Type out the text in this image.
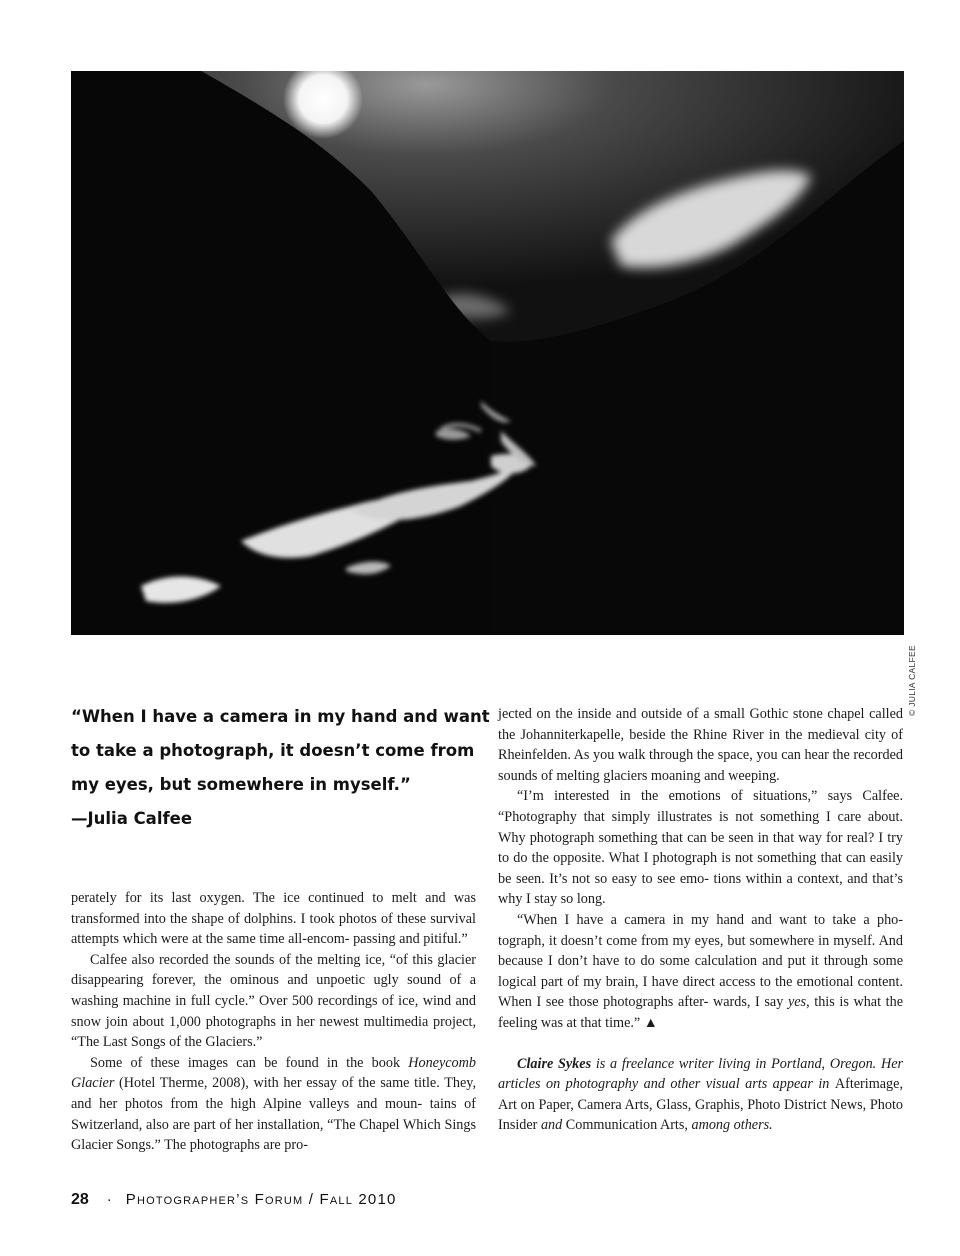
© JULIA CALFEE

“When I have a camera in my hand and want
to take a photograph, it doesn’t come from
my eyes, but somewhere in myself.”
—Julia Calfee

perately for its last oxygen. The ice continued to melt and was transformed into the shape of dolphins. I took photos of these survival attempts which were at the same time all-encom- passing and pitiful.”

Calfee also recorded the sounds of the melting ice, “of this glacier disappearing forever, the ominous and unpoetic ugly sound of a washing machine in full cycle.” Over 500 recordings of ice, wind and snow join about 1,000 photographs in her newest multimedia project, “The Last Songs of the Glaciers.”

Some of these images can be found in the book Honeycomb Glacier (Hotel Therme, 2008), with her essay of the same title. They, and her photos from the high Alpine valleys and moun- tains of Switzerland, also are part of her installation, “The Chapel Which Sings Glacier Songs.” The photographs are pro-

jected on the inside and outside of a small Gothic stone chapel called the Johanniterkapelle, beside the Rhine River in the medieval city of Rheinfelden. As you walk through the space, you can hear the recorded sounds of melting glaciers moaning and weeping.

“I’m interested in the emotions of situations,” says Calfee. “Photography that simply illustrates is not something I care about. Why photograph something that can be seen in that way for real? I try to do the opposite. What I photograph is not something that can easily be seen. It’s not so easy to see emo- tions within a context, and that’s why I stay so long.

“When I have a camera in my hand and want to take a pho- tograph, it doesn’t come from my eyes, but somewhere in myself. And because I don’t have to do some calculation and put it through some logical part of my brain, I have direct access to the emotional content. When I see those photographs after- wards, I say yes, this is what the feeling was at that time.” ▲

Claire Sykes is a freelance writer living in Portland, Oregon. Her articles on photography and other visual arts appear in Afterimage, Art on Paper, Camera Arts, Glass, Graphis, Photo District News, Photo Insider and Communication Arts, among others.

28 · Photographer’s Forum / Fall 2010
